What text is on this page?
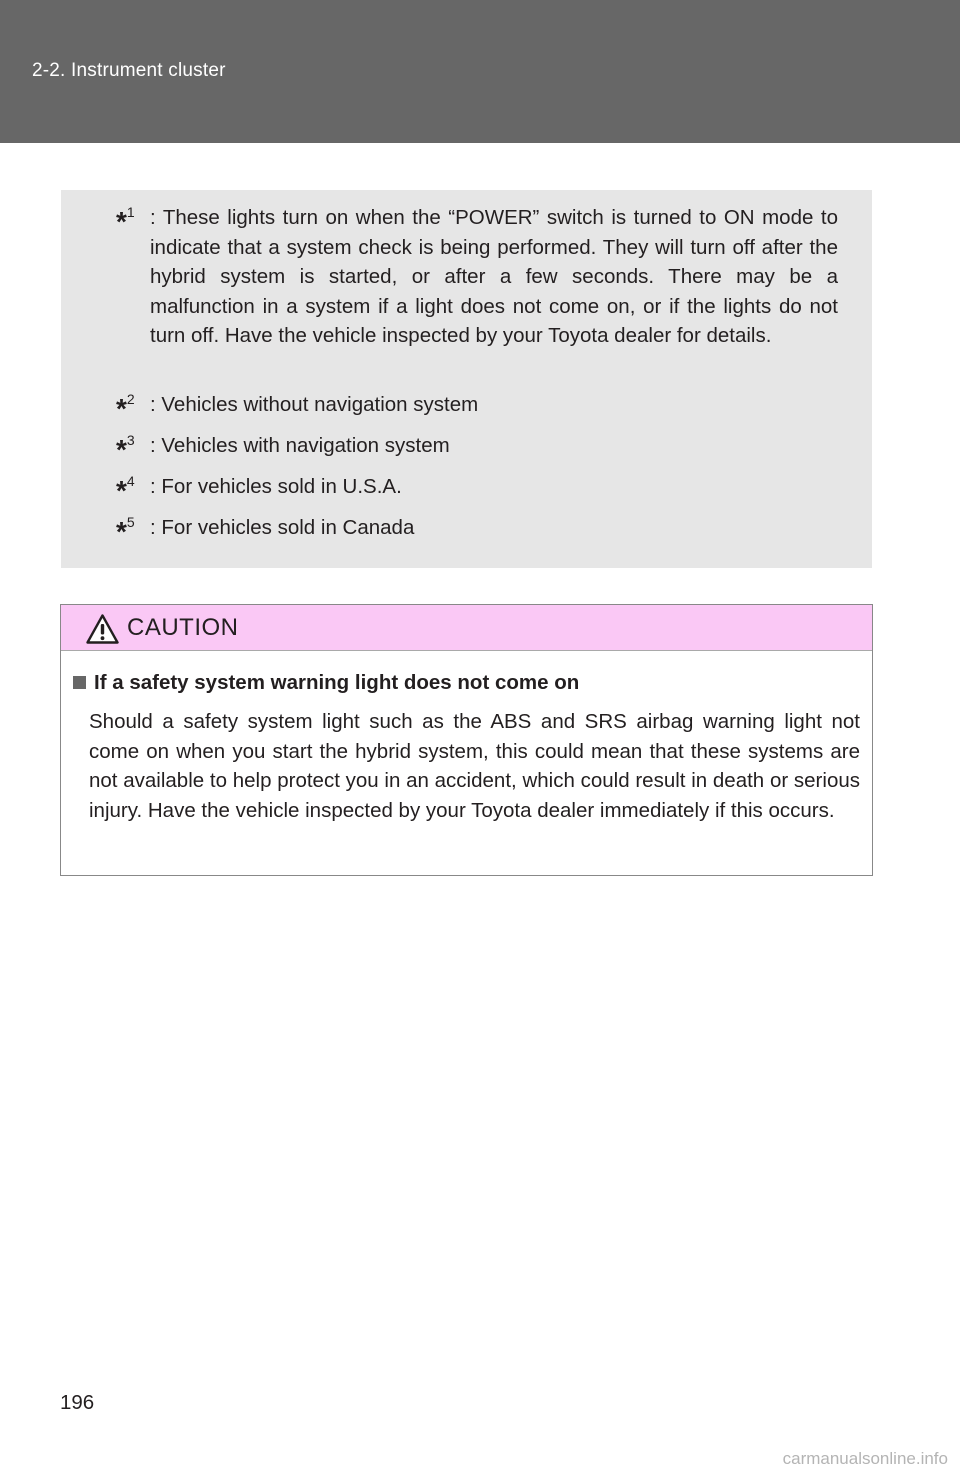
2-2. Instrument cluster
*$^1$ : These lights turn on when the “POWER” switch is turned to ON mode to indicate that a system check is being performed. They will turn off after the hybrid system is started, or after a few seconds. There may be a malfunction in a system if a light does not come on, or if the lights do not turn off. Have the vehicle inspected by your Toyota dealer for details.
*$^2$ : Vehicles without navigation system
*$^3$ : Vehicles with navigation system
*$^4$ : For vehicles sold in U.S.A.
*$^5$ : For vehicles sold in Canada
CAUTION
If a safety system warning light does not come on
Should a safety system light such as the ABS and SRS airbag warning light not come on when you start the hybrid system, this could mean that these systems are not available to help protect you in an accident, which could result in death or serious injury. Have the vehicle inspected by your Toyota dealer immediately if this occurs.
196
carmanualsonline.info
